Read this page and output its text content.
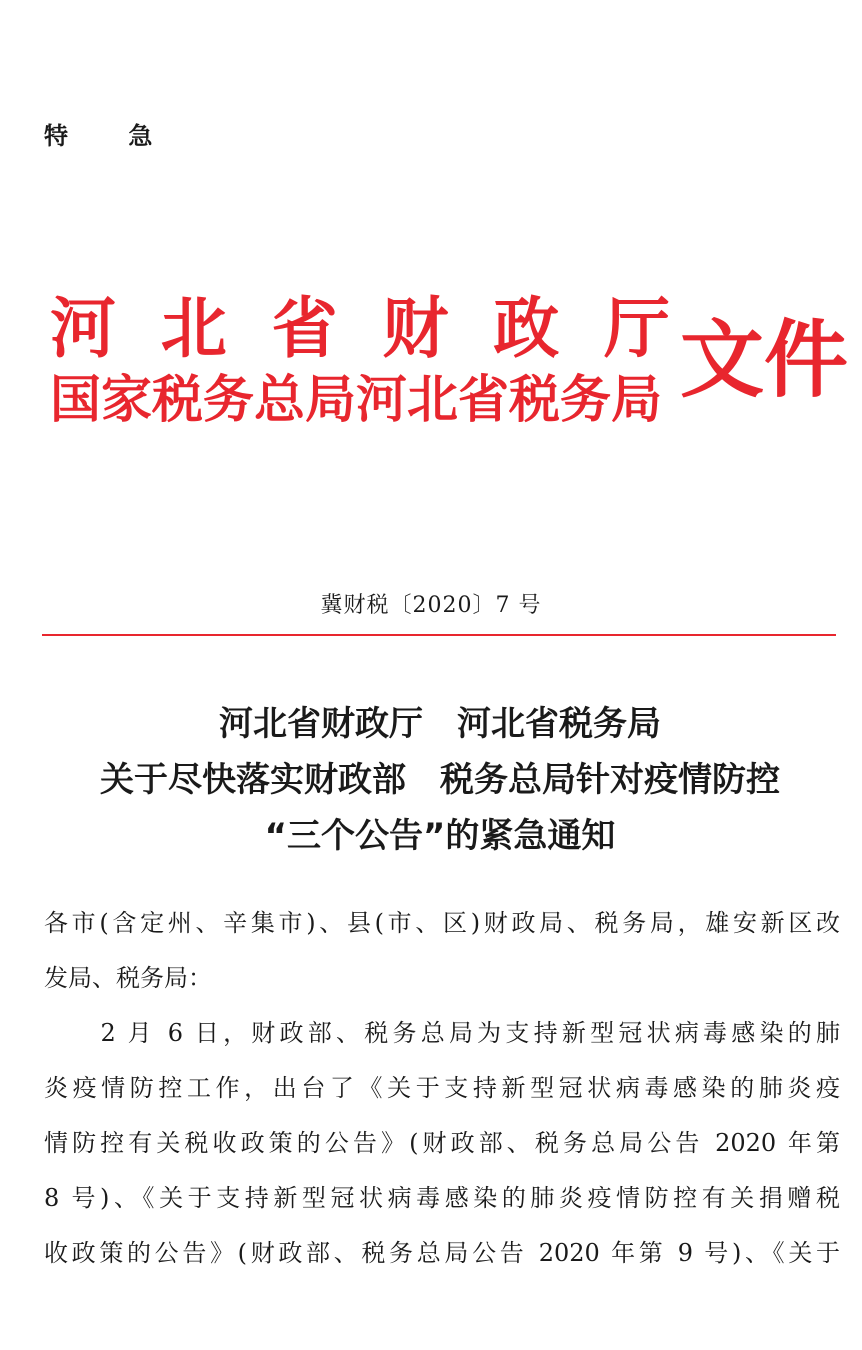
特 急
河 北 省 财 政 厅
国家税务总局河北省税务局 文件
冀财税〔2020〕7 号
河北省财政厅　河北省税务局
关于尽快落实财政部　税务总局针对疫情防控
“三个公告”的紧急通知
各市(含定州、辛集市)、县(市、区)财政局、税务局，雄安新区改
发局、税务局：
　　2 月 6 日，财政部、税务总局为支持新型冠状病毒感染的肺
炎疫情防控工作，出台了《关于支持新型冠状病毒感染的肺炎疫
情防控有关税收政策的公告》(财政部、税务总局公告 2020 年第
8 号)、《关于支持新型冠状病毒感染的肺炎疫情防控有关捐赠税
收政策的公告》(财政部、税务总局公告 2020 年第 9 号)、《关于
